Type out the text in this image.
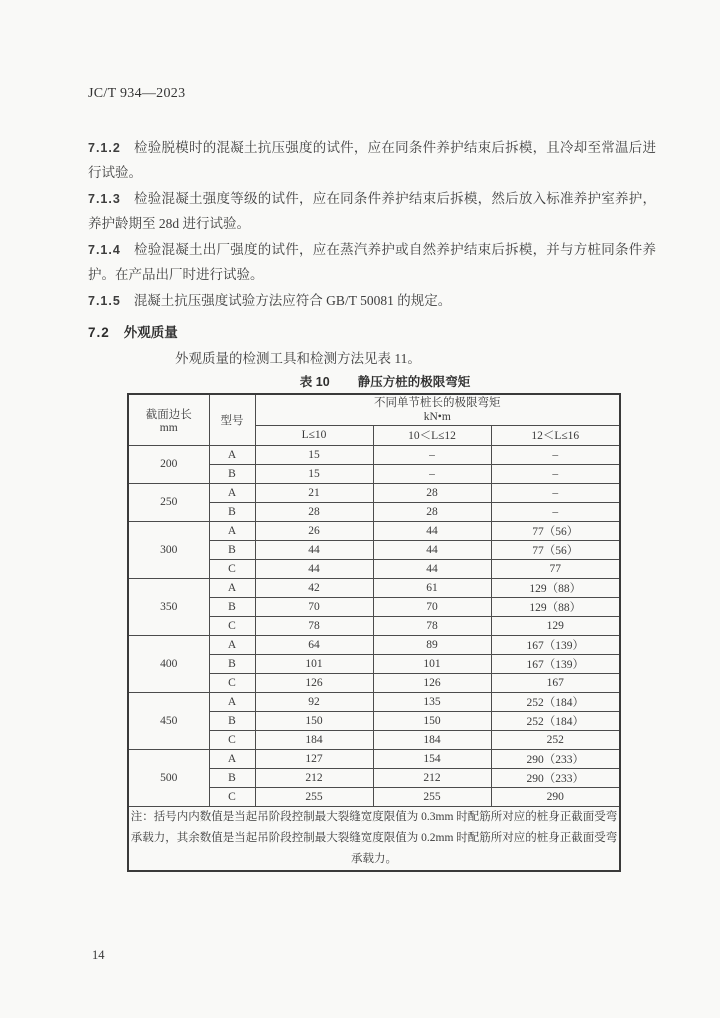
JC/T 934—2023

7.1.2 检验脱模时的混凝土抗压强度的试件，应在同条件养护结束后拆模，且冷却至常温后进行试验。

7.1.3 检验混凝土强度等级的试件，应在同条件养护结束后拆模，然后放入标准养护室养护，养护龄期至 28d 进行试验。

7.1.4 检验混凝土出厂强度的试件，应在蒸汽养护或自然养护结束后拆模，并与方桩同条件养护。在产品出厂时进行试验。

7.1.5 混凝土抗压强度试验方法应符合 GB/T 50081 的规定。

7.2 外观质量

外观质量的检测工具和检测方法见表 11。

表 10 静压方桩的极限弯矩
截面边长
mm
	型号	
不同单节桩长的极限弯矩
kN•m

		L≤10	10＜L≤12	12＜L≤16
200	A	15	–	–
	B	15	–	–
250	A	21	28	–
	B	28	28	–
300	A	26	44	77（56）
	B	44	44	77（56）
	C	44	44	77
350	A	42	61	129（88）
	B	70	70	129（88）
	C	78	78	129
400	A	64	89	167（139）
	B	101	101	167（139）
	C	126	126	167
450	A	92	135	252（184）
	B	150	150	252（184）
	C	184	184	252
500	A	127	154	290（233）
	B	212	212	290（233）
	C	255	255	290
注：括号内内数值是当起吊阶段控制最大裂缝宽度限值为 0.3mm 时配筋所对应的桩身正截面受弯承载力，其余数值是当起吊阶段控制最大裂缝宽度限值为 0.2mm 时配筋所对应的桩身正截面受弯承载力。				
14
